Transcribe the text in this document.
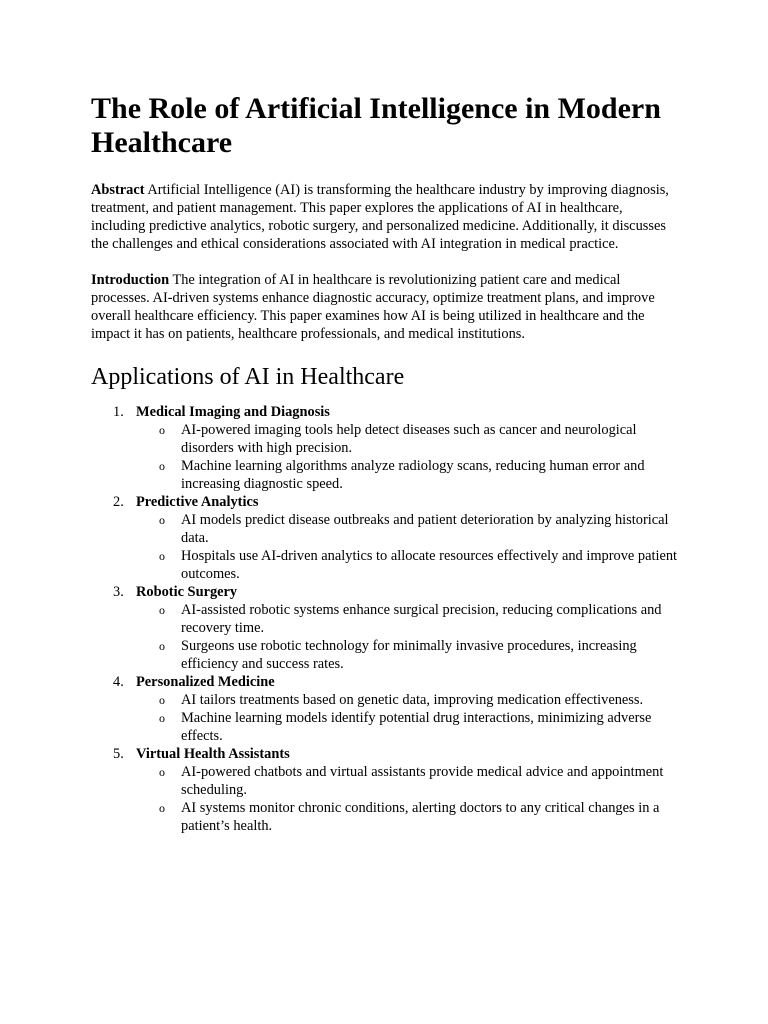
The Role of Artificial Intelligence in Modern Healthcare

Abstract Artificial Intelligence (AI) is transforming the healthcare industry by improving diagnosis, treatment, and patient management. This paper explores the applications of AI in healthcare, including predictive analytics, robotic surgery, and personalized medicine. Additionally, it discusses the challenges and ethical considerations associated with AI integration in medical practice.

Introduction The integration of AI in healthcare is revolutionizing patient care and medical processes. AI-driven systems enhance diagnostic accuracy, optimize treatment plans, and improve overall healthcare efficiency. This paper examines how AI is being utilized in healthcare and the impact it has on patients, healthcare professionals, and medical institutions.

Applications of AI in Healthcare
1. Medical Imaging and Diagnosis
o AI-powered imaging tools help detect diseases such as cancer and neurological disorders with high precision.
o Machine learning algorithms analyze radiology scans, reducing human error and increasing diagnostic speed.
2. Predictive Analytics
o AI models predict disease outbreaks and patient deterioration by analyzing historical data.
o Hospitals use AI-driven analytics to allocate resources effectively and improve patient outcomes.
3. Robotic Surgery
o AI-assisted robotic systems enhance surgical precision, reducing complications and recovery time.
o Surgeons use robotic technology for minimally invasive procedures, increasing efficiency and success rates.
4. Personalized Medicine
o AI tailors treatments based on genetic data, improving medication effectiveness.
o Machine learning models identify potential drug interactions, minimizing adverse effects.
5. Virtual Health Assistants
o AI-powered chatbots and virtual assistants provide medical advice and appointment scheduling.
o AI systems monitor chronic conditions, alerting doctors to any critical changes in a patient’s health.
